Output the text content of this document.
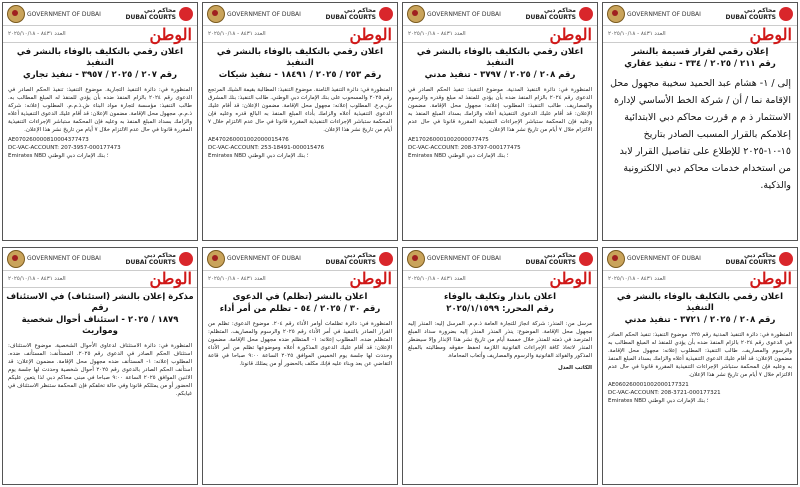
GOVERNMENT OF DUBAI	محاكم دبي
DUBAI COURTS
الوطن
العدد ٨٤٣١ - ٢٠٢٥/١٠/١٨
اعلان رقمي بالتكليف بالوفاء بالنشر في التنفيذ
رقم ٢٠٧ / ٢٠٢٥ / ٣٩٥٧ - تنفيذ تجاري
المنظورة في: دائرة التنفيذ التجارية. موضوع التنفيذ: تنفيذ الحكم الصادر في الدعوى رقم ٢٠٢٤ بالزام المنفذ ضده بأن يؤدي للمنفذ له المبلغ المطالب به. طالب التنفيذ: مؤسسة لتجارة مواد البناء ش.ذ.م.م. المطلوب إعلانه: شركة ذ.م.م. مجهول محل الإقامة. مضمون الإعلان: قد أقام عليك الدعوى التنفيذية أعلاه والزامك بسداد المبلغ المنفذ به وعليه فإن المحكمة ستباشر الإجراءات التنفيذية المقررة قانونا في حال عدم الالتزام خلال ٧ أيام من تاريخ نشر هذا الإعلان.
AE070260000810004377473
DC-VAC-ACCOUNT: 207-3957-000177473
Emirates NBD ؛ بنك الإمارات دبي الوطني
GOVERNMENT OF DUBAI	محاكم دبي
DUBAI COURTS
الوطن
العدد ٨٤٣١ - ٢٠٢٥/١٠/١٨
اعلان رقمي بالتكليف بالوفاء بالنشر في التنفيذ
رقم ٢٥٣ / ٢٠٢٥ / ١٨٤٩١ - تنفيذ شيكات
المنظورة في: دائرة التنفيذ الثامنة. موضوع التنفيذ: المطالبة بقيمة الشيك المرتجع رقم ٢٠٢٥ والمسحوب على بنك الإمارات دبي الوطني. طالب التنفيذ: بنك المشرق ش.م.ع. المطلوب إعلانه: مجهول محل الإقامة. مضمون الإعلان: قد أقام عليك الدعوى التنفيذية أعلاه والزامك بأداء المبلغ المنفذ به البالغ قدره وعليه فإن المحكمة ستباشر الإجراءات التنفيذية المقررة قانونا في حال عدم الالتزام خلال ٧ أيام من تاريخ نشر هذا الإعلان.
AE470260001002000015476
DC-VAC-ACCOUNT: 253-18491-000015476
Emirates NBD ؛ بنك الإمارات دبي الوطني
GOVERNMENT OF DUBAI	محاكم دبي
DUBAI COURTS
الوطن
العدد ٨٤٣١ - ٢٠٢٥/١٠/١٨
اعلان رقمي بالتكليف بالوفاء بالنشر في التنفيذ
رقم ٢٠٨ / ٢٠٢٥ / ٣٧٩٧ - تنفيذ مدني
المنظورة في: دائرة التنفيذ المدنية. موضوع التنفيذ: تنفيذ الحكم الصادر في الدعوى رقم ٢٠٢٤ بالزام المنفذ ضده بأن يؤدي للمنفذ له مبلغ وقدره والرسوم والمصاريف. طالب التنفيذ: المطلوب إعلانه: مجهول محل الإقامة. مضمون الإعلان: قد أقام عليك الدعوى التنفيذية أعلاه والزامك بسداد المبلغ المنفذ به وعليه فإن المحكمة ستباشر الإجراءات التنفيذية المقررة قانونا في حال عدم الالتزام خلال ٧ أيام من تاريخ نشر هذا الإعلان.
AE170260001002000077475
DC-VAC-ACCOUNT: 208-3797-000177475
Emirates NBD ؛ بنك الإمارات دبي الوطني
GOVERNMENT OF DUBAI	محاكم دبي
DUBAI COURTS
الوطن
العدد ٨٤٣١ - ٢٠٢٥/١٠/١٨
إعلان رقمي لقرار قسيمة بالنشر
رقم ٢١١ / ٢٠٢٥ / ٣٣٤ - تنفيذ عقاري
إلى / ١- هشام عبد الحميد سخيبة مجهول محل الإقامة نما / أن / شركة الخط الأساسي لإدارة الاستثمار ذ م م قررت محاكم دبي الابتدائية إعلامكم بالقرار المسبب الصادر بتاريخ ١٥-١٠-٢٠٢٥ للإطلاع على تفاصيل القرار لابد من استخدام خدمات محاكم دبي الالكترونية والذكية.
GOVERNMENT OF DUBAI	محاكم دبي
DUBAI COURTS
الوطن
العدد ٨٤٣١ - ٢٠٢٥/١٠/١٨
مذكرة إعلان بالنشر (استئناف) في الاستئناف رقم
١٨٧٩ / ٢٠٢٥ - استئناف أحوال شخصية ومواريث
المنظورة في: دائرة الاستئناف لدعاوى الأحوال الشخصية. موضوع الاستئناف: استئناف الحكم الصادر في الدعوى رقم ٢٠٢٥. المستأنف: المستأنف ضده. المطلوب إعلانه: ١- المستأنف ضده مجهول محل الإقامة. مضمون الإعلان: قد استأنف الحكم الصادر بالدعوى رقم ٢٠٢٥ أحوال شخصية وحددت لها جلسة يوم الاثنين الموافق ٢٠٢٥ الساعة ٩:٠٠ صباحا في مبنى محاكم دبي لذا يتعين عليكم الحضور أو من يمثلكم قانونا وفي حالة تخلفكم فإن المحكمة ستنظر الاستئناف في غيابكم.
GOVERNMENT OF DUBAI	محاكم دبي
DUBAI COURTS
الوطن
العدد ٨٤٣١ - ٢٠٢٥/١٠/١٨
اعلان بالنشر (تظلم) في الدعوى
رقم ٣٠ / ٢٠٢٥ / ٥٤ - تظلم من أمر أداء
المنظورة في: دائرة تظلمات أوامر الأداء رقم ٢٠٤. موضوع الدعوى: تظلم من القرار الصادر بالتنفيذ في أمر الأداء رقم ٢٠٢٥ والرسوم والمصاريف. المتظلم: المتظلم ضده. المطلوب إعلانه: ١- المتظلم ضده مجهول محل الإقامة. مضمون الإعلان: قد أقام عليك الدعوى المذكورة أعلاه وموضوعها تظلم من أمر الأداء وحددت لها جلسة يوم الخميس الموافق ٢٠٢٥ الساعة ٩:٠٠ صباحا في قاعة التقاضي عن بعد وبناء عليه فإنك مكلف بالحضور أو من يمثلك قانونا.
GOVERNMENT OF DUBAI	محاكم دبي
DUBAI COURTS
الوطن
العدد ٨٤٣١ - ٢٠٢٥/١٠/١٨
اعلان بانذار وتكليف بالوفاء
رقم المحرر: ٢٠٢٥/١/١٥٩٩
مرسل من: المنذر: شركة انجاز للتجارة العامة ذ.م.م. المرسل إليه: المنذر إليه مجهول محل الإقامة. الموضوع: ينذر المنذر المنذر إليه بضرورة سداد المبلغ المترصد في ذمته للمنذر خلال خمسة أيام من تاريخ نشر هذا الإنذار وإلا سيضطر المنذر لاتخاذ كافة الإجراءات القانونية اللازمة لحفظ حقوقه ومطالبته بالمبلغ المذكور والفوائد القانونية والرسوم والمصاريف وأتعاب المحاماة.
الكاتب العدل
GOVERNMENT OF DUBAI	محاكم دبي
DUBAI COURTS
الوطن
العدد ٨٤٣١ - ٢٠٢٥/١٠/١٨
اعلان رقمي بالتكليف بالوفاء بالنشر في التنفيذ
رقم ٢٠٨ / ٢٠٢٥ / ٣٧٢١ - تنفيذ مدني
المنظورة في: دائرة التنفيذ المدنية رقم ٢٢٥. موضوع التنفيذ: تنفيذ الحكم الصادر في الدعوى رقم ٢٠٢٤ بالزام المنفذ ضده بأن يؤدي للمنفذ له المبلغ المطالب به والرسوم والمصاريف. طالب التنفيذ: المطلوب إعلانه: مجهول محل الإقامة. مضمون الإعلان: قد أقام عليك الدعوى التنفيذية أعلاه والزامك بسداد المبلغ المنفذ به وعليه فإن المحكمة ستباشر الإجراءات التنفيذية المقررة قانونا في حال عدم الالتزام خلال ٧ أيام من تاريخ نشر هذا الإعلان.
AE060260001002000177321
DC-VAC-ACCOUNT: 208-3721-000177321
Emirates NBD ؛ بنك الإمارات دبي الوطني
